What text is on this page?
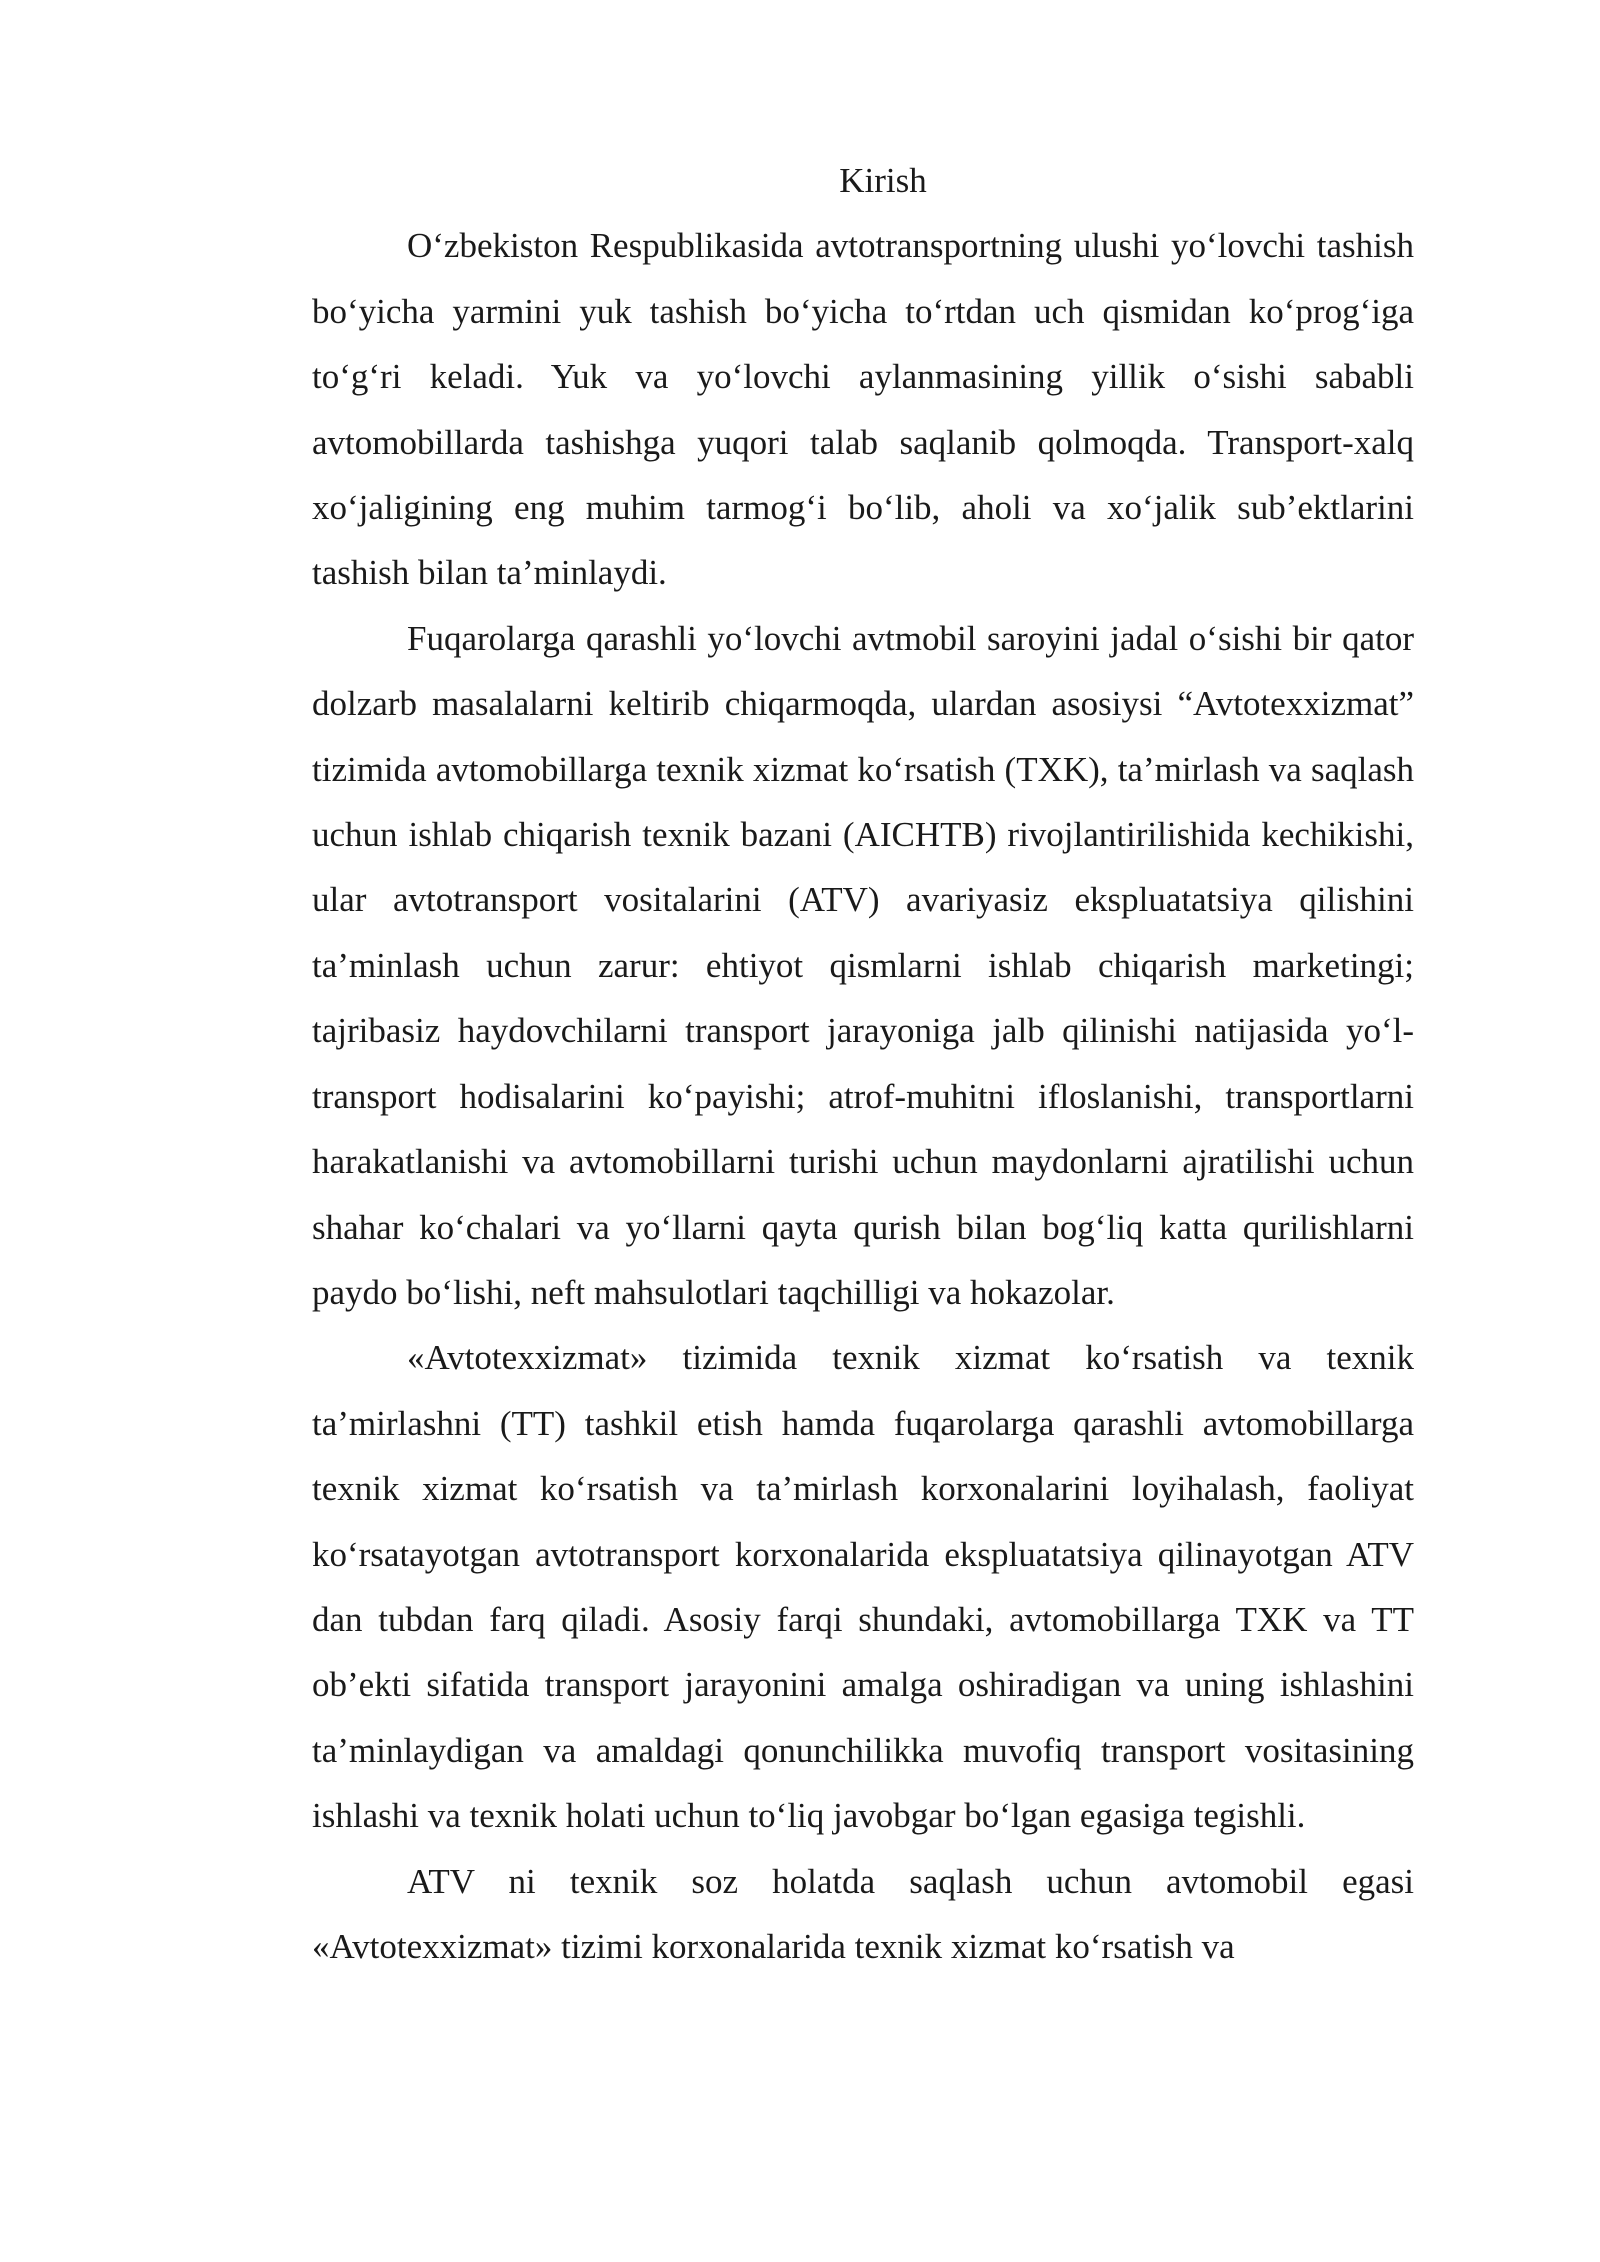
Kirish

O‘zbekiston Respublikasida avtotransportning ulushi yo‘lovchi tashish bo‘yicha yarmini yuk tashish bo‘yicha to‘rtdan uch qismidan ko‘prog‘iga to‘g‘ri keladi. Yuk va yo‘lovchi aylanmasining yillik o‘sishi sababli avtomobillarda tashishga yuqori talab saqlanib qolmoqda. Transport-xalq xo‘jaligining eng muhim tarmog‘i bo‘lib, aholi va xo‘jalik sub’ektlarini tashish bilan ta’minlaydi.

Fuqarolarga qarashli yo‘lovchi avtmobil saroyini jadal o‘sishi bir qator dolzarb masalalarni keltirib chiqarmoqda, ulardan asosiysi “Avtotexxizmat” tizimida avtomobillarga texnik xizmat ko‘rsatish (TXK), ta’mirlash va saqlash uchun ishlab chiqarish texnik bazani (AICHTB) rivojlantirilishida kechikishi, ular avtotransport vositalarini (ATV) avariyasiz ekspluatatsiya qilishini ta’minlash uchun zarur: ehtiyot qismlarni ishlab chiqarish marketingi; tajribasiz haydovchilarni transport jarayoniga jalb qilinishi natijasida yo‘l-transport hodisalarini ko‘payishi; atrof-muhitni ifloslanishi, transportlarni harakatlanishi va avtomobillarni turishi uchun maydonlarni ajratilishi uchun shahar ko‘chalari va yo‘llarni qayta qurish bilan bog‘liq katta qurilishlarni paydo bo‘lishi, neft mahsulotlari taqchilligi va hokazolar.

«Avtotexxizmat» tizimida texnik xizmat ko‘rsatish va texnik ta’mirlashni (TT) tashkil etish hamda fuqarolarga qarashli avtomobillarga texnik xizmat ko‘rsatish va ta’mirlash korxonalarini loyihalash, faoliyat ko‘rsatayotgan avtotransport korxonalarida ekspluatatsiya qilinayotgan ATV dan tubdan farq qiladi. Asosiy farqi shundaki, avtomobillarga TXK va TT ob’ekti sifatida transport jarayonini amalga oshiradigan va uning ishlashini ta’minlaydigan va amaldagi qonunchilikka muvofiq transport vositasining ishlashi va texnik holati uchun to‘liq javobgar bo‘lgan egasiga tegishli.

ATV ni texnik soz holatda saqlash uchun avtomobil egasi «Avtotexxizmat» tizimi korxonalarida texnik xizmat ko‘rsatish va
